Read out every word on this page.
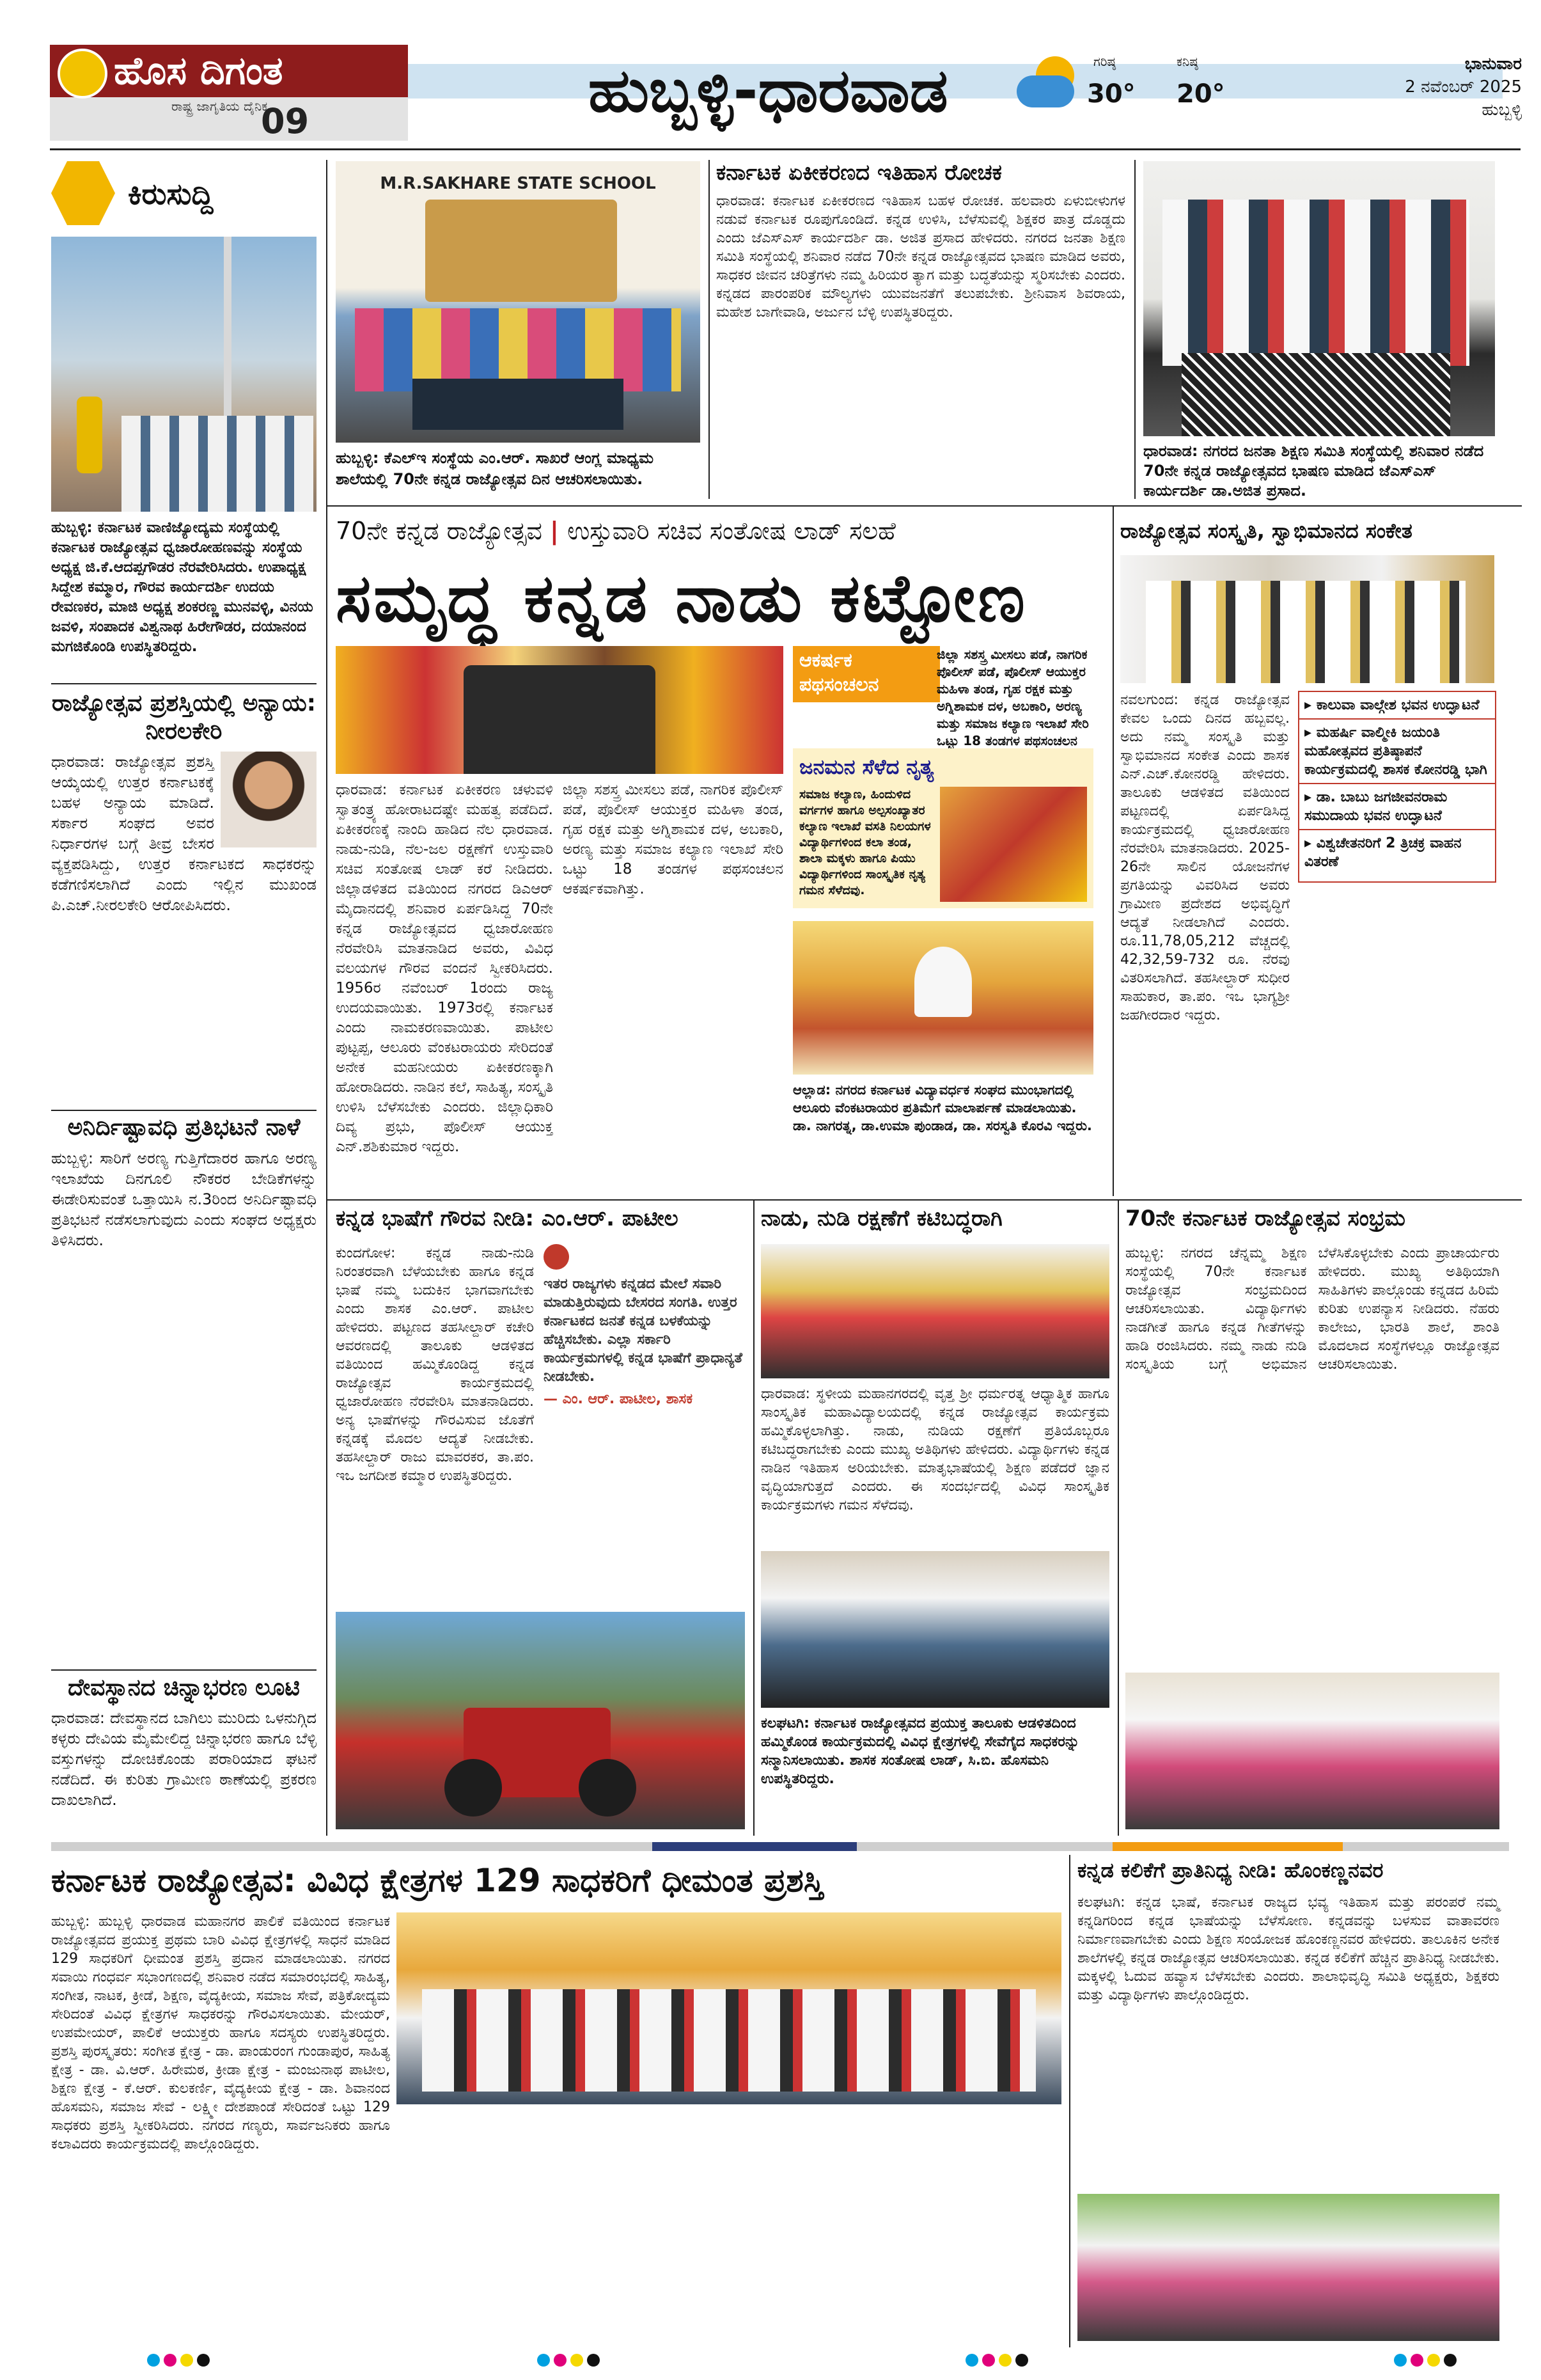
ಹೊಸ ದಿಗಂತ
ರಾಷ್ಟ್ರ ಜಾಗೃತಿಯ ದೈನಿಕ
09	ಹುಬ್ಬಳ್ಳಿ-ಧಾರವಾಡ	ಗರಿಷ್ಠ
30°
ಕನಿಷ್ಠ
20°
ಭಾನುವಾರ
2 ನವೆಂಬರ್ 2025
ಹುಬ್ಬಳ್ಳಿ
ಕಿರುಸುದ್ದಿ
ಹುಬ್ಬಳ್ಳಿ: ಕರ್ನಾಟಕ ವಾಣಿಜ್ಯೋದ್ಯಮ ಸಂಸ್ಥೆಯಲ್ಲಿ ಕರ್ನಾಟಕ ರಾಜ್ಯೋತ್ಸವ ಧ್ವಜಾರೋಹಣವನ್ನು ಸಂಸ್ಥೆಯ ಅಧ್ಯಕ್ಷ ಜಿ.ಕೆ.ಆದಪ್ಪಗೌಡರ ನೆರವೇರಿಸಿದರು. ಉಪಾಧ್ಯಕ್ಷ ಸಿದ್ದೇಶ ಕಮ್ಮಾರ, ಗೌರವ ಕಾರ್ಯದರ್ಶಿ ಉದಯ ರೇವಣಕರ, ಮಾಜಿ ಅಧ್ಯಕ್ಷ ಶಂಕರಣ್ಣ ಮುನವಳ್ಳಿ, ವಿನಯ ಜವಳಿ, ಸಂಪಾದಕ ವಿಶ್ವನಾಥ ಹಿರೇಗೌಡರ, ದಯಾನಂದ ಮಗಜಿಕೊಂಡಿ ಉಪಸ್ಥಿತರಿದ್ದರು.
ರಾಜ್ಯೋತ್ಸವ ಪ್ರಶಸ್ತಿಯಲ್ಲಿ ಅನ್ಯಾಯ: ನೀರಲಕೇರಿ
ಧಾರವಾಡ: ರಾಜ್ಯೋತ್ಸವ ಪ್ರಶಸ್ತಿ ಆಯ್ಕೆಯಲ್ಲಿ ಉತ್ತರ ಕರ್ನಾಟಕಕ್ಕೆ ಬಹಳ ಅನ್ಯಾಯ ಮಾಡಿದೆ. ಸರ್ಕಾರ ಸಂಘದ ಅವರ ನಿರ್ಧಾರಗಳ ಬಗ್ಗೆ ತೀವ್ರ ಬೇಸರ ವ್ಯಕ್ತಪಡಿಸಿದ್ದು, ಉತ್ತರ ಕರ್ನಾಟಕದ ಸಾಧಕರನ್ನು ಕಡೆಗಣಿಸಲಾಗಿದೆ ಎಂದು ಇಲ್ಲಿನ ಮುಖಂಡ ಪಿ.ಎಚ್.ನೀರಲಕೇರಿ ಆರೋಪಿಸಿದರು.
ಅನಿರ್ದಿಷ್ಟಾವಧಿ ಪ್ರತಿಭಟನೆ ನಾಳೆ
ಹುಬ್ಬಳ್ಳಿ: ಸಾರಿಗೆ ಅರಣ್ಯ ಗುತ್ತಿಗೆದಾರರ ಹಾಗೂ ಅರಣ್ಯ ಇಲಾಖೆಯ ದಿನಗೂಲಿ ನೌಕರರ ಬೇಡಿಕೆಗಳನ್ನು ಈಡೇರಿಸುವಂತೆ ಒತ್ತಾಯಿಸಿ ನ.3ರಿಂದ ಅನಿರ್ದಿಷ್ಟಾವಧಿ ಪ್ರತಿಭಟನೆ ನಡೆಸಲಾಗುವುದು ಎಂದು ಸಂಘದ ಅಧ್ಯಕ್ಷರು ತಿಳಿಸಿದರು.
ದೇವಸ್ಥಾನದ ಚಿನ್ನಾಭರಣ ಲೂಟಿ
ಧಾರವಾಡ: ದೇವಸ್ಥಾನದ ಬಾಗಿಲು ಮುರಿದು ಒಳನುಗ್ಗಿದ ಕಳ್ಳರು ದೇವಿಯ ಮೈಮೇಲಿದ್ದ ಚಿನ್ನಾಭರಣ ಹಾಗೂ ಬೆಳ್ಳಿ ವಸ್ತುಗಳನ್ನು ದೋಚಿಕೊಂಡು ಪರಾರಿಯಾದ ಘಟನೆ ನಡೆದಿದೆ. ಈ ಕುರಿತು ಗ್ರಾಮೀಣ ಠಾಣೆಯಲ್ಲಿ ಪ್ರಕರಣ ದಾಖಲಾಗಿದೆ.
M.R.SAKHARE STATE SCHOOL
ಹುಬ್ಬಳ್ಳಿ: ಕೆಎಲ್ಇ ಸಂಸ್ಥೆಯ ಎಂ.ಆರ್. ಸಾಖರೆ ಆಂಗ್ಲ ಮಾಧ್ಯಮ ಶಾಲೆಯಲ್ಲಿ 70ನೇ ಕನ್ನಡ ರಾಜ್ಯೋತ್ಸವ ದಿನ ಆಚರಿಸಲಾಯಿತು.
ಕರ್ನಾಟಕ ಏಕೀಕರಣದ ಇತಿಹಾಸ ರೋಚಕ
ಧಾರವಾಡ: ಕರ್ನಾಟಕ ಏಕೀಕರಣದ ಇತಿಹಾಸ ಬಹಳ ರೋಚಕ. ಹಲವಾರು ಏಳುಬೀಳುಗಳ ನಡುವೆ ಕರ್ನಾಟಕ ರೂಪುಗೊಂಡಿದೆ. ಕನ್ನಡ ಉಳಿಸಿ, ಬೆಳೆಸುವಲ್ಲಿ ಶಿಕ್ಷಕರ ಪಾತ್ರ ದೊಡ್ಡದು ಎಂದು ಜೆಎಸ್ಎಸ್ ಕಾರ್ಯದರ್ಶಿ ಡಾ. ಅಜಿತ ಪ್ರಸಾದ ಹೇಳಿದರು. ನಗರದ ಜನತಾ ಶಿಕ್ಷಣ ಸಮಿತಿ ಸಂಸ್ಥೆಯಲ್ಲಿ ಶನಿವಾರ ನಡೆದ 70ನೇ ಕನ್ನಡ ರಾಜ್ಯೋತ್ಸವದ ಭಾಷಣ ಮಾಡಿದ ಅವರು, ಸಾಧಕರ ಜೀವನ ಚರಿತ್ರೆಗಳು ನಮ್ಮ ಹಿರಿಯರ ತ್ಯಾಗ ಮತ್ತು ಬದ್ಧತೆಯನ್ನು ಸ್ಮರಿಸಬೇಕು ಎಂದರು. ಕನ್ನಡದ ಪಾರಂಪರಿಕ ಮೌಲ್ಯಗಳು ಯುವಜನತೆಗೆ ತಲುಪಬೇಕು. ಶ್ರೀನಿವಾಸ ಶಿವರಾಯ, ಮಹೇಶ ಬಾಗೇವಾಡಿ, ಅರ್ಜುನ ಬೆಳ್ಳಿ ಉಪಸ್ಥಿತರಿದ್ದರು.
ಧಾರವಾಡ: ನಗರದ ಜನತಾ ಶಿಕ್ಷಣ ಸಮಿತಿ ಸಂಸ್ಥೆಯಲ್ಲಿ ಶನಿವಾರ ನಡೆದ 70ನೇ ಕನ್ನಡ ರಾಜ್ಯೋತ್ಸವದ ಭಾಷಣ ಮಾಡಿದ ಜೆಎಸ್ಎಸ್ ಕಾರ್ಯದರ್ಶಿ ಡಾ.ಅಜಿತ ಪ್ರಸಾದ.
70ನೇ ಕನ್ನಡ ರಾಜ್ಯೋತ್ಸವ | ಉಸ್ತುವಾರಿ ಸಚಿವ ಸಂತೋಷ ಲಾಡ್ ಸಲಹೆ
ಸಮೃದ್ಧ ಕನ್ನಡ ನಾಡು ಕಟ್ಟೋಣ
ಧಾರವಾಡ: ಕರ್ನಾಟಕ ಏಕೀಕರಣ ಚಳುವಳಿ ಸ್ವಾತಂತ್ರ್ಯ ಹೋರಾಟದಷ್ಟೇ ಮಹತ್ವ ಪಡೆದಿದೆ. ಏಕೀಕರಣಕ್ಕೆ ನಾಂದಿ ಹಾಡಿದ ನೆಲ ಧಾರವಾಡ. ನಾಡು-ನುಡಿ, ನೆಲ-ಜಲ ರಕ್ಷಣೆಗೆ ಉಸ್ತುವಾರಿ ಸಚಿವ ಸಂತೋಷ ಲಾಡ್ ಕರೆ ನೀಡಿದರು. ಜಿಲ್ಲಾಡಳಿತದ ವತಿಯಿಂದ ನಗರದ ಡಿಎಆರ್ ಮೈದಾನದಲ್ಲಿ ಶನಿವಾರ ಏರ್ಪಡಿಸಿದ್ದ 70ನೇ ಕನ್ನಡ ರಾಜ್ಯೋತ್ಸವದ ಧ್ವಜಾರೋಹಣ ನೆರವೇರಿಸಿ ಮಾತನಾಡಿದ ಅವರು, ವಿವಿಧ ವಲಯಗಳ ಗೌರವ ವಂದನೆ ಸ್ವೀಕರಿಸಿದರು. 1956ರ ನವೆಂಬರ್ 1ರಂದು ರಾಜ್ಯ ಉದಯವಾಯಿತು. 1973ರಲ್ಲಿ ಕರ್ನಾಟಕ ಎಂದು ನಾಮಕರಣವಾಯಿತು. ಪಾಟೀಲ ಪುಟ್ಟಪ್ಪ, ಆಲೂರು ವೆಂಕಟರಾಯರು ಸೇರಿದಂತೆ ಅನೇಕ ಮಹನೀಯರು ಏಕೀಕರಣಕ್ಕಾಗಿ ಹೋರಾಡಿದರು. ನಾಡಿನ ಕಲೆ, ಸಾಹಿತ್ಯ, ಸಂಸ್ಕೃತಿ ಉಳಿಸಿ ಬೆಳೆಸಬೇಕು ಎಂದರು. ಜಿಲ್ಲಾಧಿಕಾರಿ ದಿವ್ಯ ಪ್ರಭು, ಪೊಲೀಸ್ ಆಯುಕ್ತ ಎನ್.ಶಶಿಕುಮಾರ ಇದ್ದರು.
ಜಿಲ್ಲಾ ಸಶಸ್ತ್ರ ಮೀಸಲು ಪಡೆ, ನಾಗರಿಕ ಪೊಲೀಸ್ ಪಡೆ, ಪೊಲೀಸ್ ಆಯುಕ್ತರ ಮಹಿಳಾ ತಂಡ, ಗೃಹ ರಕ್ಷಕ ಮತ್ತು ಅಗ್ನಿಶಾಮಕ ದಳ, ಅಬಕಾರಿ, ಅರಣ್ಯ ಮತ್ತು ಸಮಾಜ ಕಲ್ಯಾಣ ಇಲಾಖೆ ಸೇರಿ ಒಟ್ಟು 18 ತಂಡಗಳ ಪಥಸಂಚಲನ ಆಕರ್ಷಕವಾಗಿತ್ತು.
ಆಕರ್ಷಕ ಪಥಸಂಚಲನ
ಜಿಲ್ಲಾ ಸಶಸ್ತ್ರ ಮೀಸಲು ಪಡೆ, ನಾಗರಿಕ ಪೊಲೀಸ್ ಪಡೆ, ಪೊಲೀಸ್ ಆಯುಕ್ತರ ಮಹಿಳಾ ತಂಡ, ಗೃಹ ರಕ್ಷಕ ಮತ್ತು ಅಗ್ನಿಶಾಮಕ ದಳ, ಅಬಕಾರಿ, ಅರಣ್ಯ ಮತ್ತು ಸಮಾಜ ಕಲ್ಯಾಣ ಇಲಾಖೆ ಸೇರಿ ಒಟ್ಟು 18 ತಂಡಗಳ ಪಥಸಂಚಲನ
ಜನಮನ ಸೆಳೆದ ನೃತ್ಯ
ಸಮಾಜ ಕಲ್ಯಾಣ, ಹಿಂದುಳಿದ ವರ್ಗಗಳ ಹಾಗೂ ಅಲ್ಪಸಂಖ್ಯಾತರ ಕಲ್ಯಾಣ ಇಲಾಖೆ ವಸತಿ ನಿಲಯಗಳ ವಿದ್ಯಾರ್ಥಿಗಳಿಂದ ಕಲಾ ತಂಡ, ಶಾಲಾ ಮಕ್ಕಳು ಹಾಗೂ ಪಿಯು ವಿದ್ಯಾರ್ಥಿಗಳಿಂದ ಸಾಂಸ್ಕೃತಿಕ ನೃತ್ಯ ಗಮನ ಸೆಳೆದವು.
ಆಲ್ಲಾಡ: ನಗರದ ಕರ್ನಾಟಕ ವಿದ್ಯಾವರ್ಧಕ ಸಂಘದ ಮುಂಭಾಗದಲ್ಲಿ ಆಲೂರು ವೆಂಕಟರಾಯರ ಪ್ರತಿಮೆಗೆ ಮಾಲಾರ್ಪಣೆ ಮಾಡಲಾಯಿತು. ಡಾ. ನಾಗರತ್ನ, ಡಾ.ಉಮಾ ಪುಂಡಾಡ, ಡಾ. ಸರಸ್ವತಿ ಕೊರವಿ ಇದ್ದರು.
ರಾಜ್ಯೋತ್ಸವ ಸಂಸ್ಕೃತಿ, ಸ್ವಾಭಿಮಾನದ ಸಂಕೇತ
ನವಲಗುಂದ: ಕನ್ನಡ ರಾಜ್ಯೋತ್ಸವ ಕೇವಲ ಒಂದು ದಿನದ ಹಬ್ಬವಲ್ಲ. ಅದು ನಮ್ಮ ಸಂಸ್ಕೃತಿ ಮತ್ತು ಸ್ವಾಭಿಮಾನದ ಸಂಕೇತ ಎಂದು ಶಾಸಕ ಎನ್.ಎಚ್.ಕೋನರಡ್ಡಿ ಹೇಳಿದರು. ತಾಲೂಕು ಆಡಳಿತದ ವತಿಯಿಂದ ಪಟ್ಟಣದಲ್ಲಿ ಏರ್ಪಡಿಸಿದ್ದ ಕಾರ್ಯಕ್ರಮದಲ್ಲಿ ಧ್ವಜಾರೋಹಣ ನೆರವೇರಿಸಿ ಮಾತನಾಡಿದರು. 2025-26ನೇ ಸಾಲಿನ ಯೋಜನೆಗಳ ಪ್ರಗತಿಯನ್ನು ವಿವರಿಸಿದ ಅವರು ಗ್ರಾಮೀಣ ಪ್ರದೇಶದ ಅಭಿವೃದ್ಧಿಗೆ ಆದ್ಯತೆ ನೀಡಲಾಗಿದೆ ಎಂದರು. ರೂ.11,78,05,212 ವೆಚ್ಚದಲ್ಲಿ 42,32,59-732 ರೂ. ನೆರವು ವಿತರಿಸಲಾಗಿದೆ. ತಹಸೀಲ್ದಾರ್ ಸುಧೀರ ಸಾಹುಕಾರ, ತಾ.ಪಂ. ಇಒ ಭಾಗ್ಯಶ್ರೀ ಜಹಗೀರದಾರ ಇದ್ದರು.
▸ ಕಾಲುವಾ ವಾಲ್ಗೇಶ ಭವನ ಉದ್ಘಾಟನೆ
▸ ಮಹರ್ಷಿ ವಾಲ್ಮೀಕಿ ಜಯಂತಿ ಮಹೋತ್ಸವದ ಪ್ರತಿಷ್ಠಾಪನೆ ಕಾರ್ಯಕ್ರಮದಲ್ಲಿ ಶಾಸಕ ಕೋನರಡ್ಡಿ ಭಾಗಿ
▸ ಡಾ. ಬಾಬು ಜಗಜೀವನರಾಮ ಸಮುದಾಯ ಭವನ ಉದ್ಘಾಟನೆ
▸ ವಿಶ್ವಚೇತನರಿಗೆ 2 ತ್ರಿಚಕ್ರ ವಾಹನ ವಿತರಣೆ
ಕನ್ನಡ ಭಾಷೆಗೆ ಗೌರವ ನೀಡಿ: ಎಂ.ಆರ್. ಪಾಟೀಲ
ಕುಂದಗೋಳ: ಕನ್ನಡ ನಾಡು-ನುಡಿ ನಿರಂತರವಾಗಿ ಬೆಳೆಯಬೇಕು ಹಾಗೂ ಕನ್ನಡ ಭಾಷೆ ನಮ್ಮ ಬದುಕಿನ ಭಾಗವಾಗಬೇಕು ಎಂದು ಶಾಸಕ ಎಂ.ಆರ್. ಪಾಟೀಲ ಹೇಳಿದರು. ಪಟ್ಟಣದ ತಹಸೀಲ್ದಾರ್ ಕಚೇರಿ ಆವರಣದಲ್ಲಿ ತಾಲೂಕು ಆಡಳಿತದ ವತಿಯಿಂದ ಹಮ್ಮಿಕೊಂಡಿದ್ದ ಕನ್ನಡ ರಾಜ್ಯೋತ್ಸವ ಕಾರ್ಯಕ್ರಮದಲ್ಲಿ ಧ್ವಜಾರೋಹಣ ನೆರವೇರಿಸಿ ಮಾತನಾಡಿದರು. ಅನ್ಯ ಭಾಷೆಗಳನ್ನು ಗೌರವಿಸುವ ಜೊತೆಗೆ ಕನ್ನಡಕ್ಕೆ ಮೊದಲ ಆದ್ಯತೆ ನೀಡಬೇಕು. ತಹಸೀಲ್ದಾರ್ ರಾಜು ಮಾವರಕರ, ತಾ.ಪಂ. ಇಒ ಜಗದೀಶ ಕಮ್ಮಾರ ಉಪಸ್ಥಿತರಿದ್ದರು.
ಇತರ ರಾಜ್ಯಗಳು ಕನ್ನಡದ ಮೇಲೆ ಸವಾರಿ ಮಾಡುತ್ತಿರುವುದು ಬೇಸರದ ಸಂಗತಿ. ಉತ್ತರ ಕರ್ನಾಟಕದ ಜನತೆ ಕನ್ನಡ ಬಳಕೆಯನ್ನು ಹೆಚ್ಚಿಸಬೇಕು. ಎಲ್ಲಾ ಸರ್ಕಾರಿ ಕಾರ್ಯಕ್ರಮಗಳಲ್ಲಿ ಕನ್ನಡ ಭಾಷೆಗೆ ಪ್ರಾಧಾನ್ಯತೆ ನೀಡಬೇಕು.
— ಎಂ. ಆರ್. ಪಾಟೀಲ, ಶಾಸಕ
ನಾಡು, ನುಡಿ ರಕ್ಷಣೆಗೆ ಕಟಿಬದ್ಧರಾಗಿ
ಧಾರವಾಡ: ಸ್ಥಳೀಯ ಮಹಾನಗರದಲ್ಲಿ ವೃತ್ತ ಶ್ರೀ ಧರ್ಮರತ್ನ ಆಧ್ಯಾತ್ಮಿಕ ಹಾಗೂ ಸಾಂಸ್ಕೃತಿಕ ಮಹಾವಿದ್ಯಾಲಯದಲ್ಲಿ ಕನ್ನಡ ರಾಜ್ಯೋತ್ಸವ ಕಾರ್ಯಕ್ರಮ ಹಮ್ಮಿಕೊಳ್ಳಲಾಗಿತ್ತು. ನಾಡು, ನುಡಿಯ ರಕ್ಷಣೆಗೆ ಪ್ರತಿಯೊಬ್ಬರೂ ಕಟಿಬದ್ಧರಾಗಬೇಕು ಎಂದು ಮುಖ್ಯ ಅತಿಥಿಗಳು ಹೇಳಿದರು. ವಿದ್ಯಾರ್ಥಿಗಳು ಕನ್ನಡ ನಾಡಿನ ಇತಿಹಾಸ ಅರಿಯಬೇಕು. ಮಾತೃಭಾಷೆಯಲ್ಲಿ ಶಿಕ್ಷಣ ಪಡೆದರೆ ಜ್ಞಾನ ವೃದ್ಧಿಯಾಗುತ್ತದೆ ಎಂದರು. ಈ ಸಂದರ್ಭದಲ್ಲಿ ವಿವಿಧ ಸಾಂಸ್ಕೃತಿಕ ಕಾರ್ಯಕ್ರಮಗಳು ಗಮನ ಸೆಳೆದವು.
ಕಲಘಟಗಿ: ಕರ್ನಾಟಕ ರಾಜ್ಯೋತ್ಸವದ ಪ್ರಯುಕ್ತ ತಾಲೂಕು ಆಡಳಿತದಿಂದ ಹಮ್ಮಿಕೊಂಡ ಕಾರ್ಯಕ್ರಮದಲ್ಲಿ ವಿವಿಧ ಕ್ಷೇತ್ರಗಳಲ್ಲಿ ಸೇವೆಗೈದ ಸಾಧಕರನ್ನು ಸನ್ಮಾನಿಸಲಾಯಿತು. ಶಾಸಕ ಸಂತೋಷ ಲಾಡ್, ಸಿ.ಬಿ. ಹೊಸಮನಿ ಉಪಸ್ಥಿತರಿದ್ದರು.
70ನೇ ಕರ್ನಾಟಕ ರಾಜ್ಯೋತ್ಸವ ಸಂಭ್ರಮ
ಹುಬ್ಬಳ್ಳಿ: ನಗರದ ಚೆನ್ನಮ್ಮ ಶಿಕ್ಷಣ ಸಂಸ್ಥೆಯಲ್ಲಿ 70ನೇ ಕರ್ನಾಟಕ ರಾಜ್ಯೋತ್ಸವ ಸಂಭ್ರಮದಿಂದ ಆಚರಿಸಲಾಯಿತು. ವಿದ್ಯಾರ್ಥಿಗಳು ನಾಡಗೀತೆ ಹಾಗೂ ಕನ್ನಡ ಗೀತೆಗಳನ್ನು ಹಾಡಿ ರಂಜಿಸಿದರು. ನಮ್ಮ ನಾಡು ನುಡಿ ಸಂಸ್ಕೃತಿಯ ಬಗ್ಗೆ ಅಭಿಮಾನ ಬೆಳೆಸಿಕೊಳ್ಳಬೇಕು ಎಂದು ಪ್ರಾಚಾರ್ಯರು ಹೇಳಿದರು. ಮುಖ್ಯ ಅತಿಥಿಯಾಗಿ ಸಾಹಿತಿಗಳು ಪಾಲ್ಗೊಂಡು ಕನ್ನಡದ ಹಿರಿಮೆ ಕುರಿತು ಉಪನ್ಯಾಸ ನೀಡಿದರು. ನೆಹರು ಕಾಲೇಜು, ಭಾರತಿ ಶಾಲೆ, ಶಾಂತಿ ಮೊದಲಾದ ಸಂಸ್ಥೆಗಳಲ್ಲೂ ರಾಜ್ಯೋತ್ಸವ ಆಚರಿಸಲಾಯಿತು.
ಕರ್ನಾಟಕ ರಾಜ್ಯೋತ್ಸವ: ವಿವಿಧ ಕ್ಷೇತ್ರಗಳ 129 ಸಾಧಕರಿಗೆ ಧೀಮಂತ ಪ್ರಶಸ್ತಿ
ಹುಬ್ಬಳ್ಳಿ: ಹುಬ್ಬಳ್ಳಿ ಧಾರವಾಡ ಮಹಾನಗರ ಪಾಲಿಕೆ ವತಿಯಿಂದ ಕರ್ನಾಟಕ ರಾಜ್ಯೋತ್ಸವದ ಪ್ರಯುಕ್ತ ಪ್ರಥಮ ಬಾರಿ ವಿವಿಧ ಕ್ಷೇತ್ರಗಳಲ್ಲಿ ಸಾಧನೆ ಮಾಡಿದ 129 ಸಾಧಕರಿಗೆ ಧೀಮಂತ ಪ್ರಶಸ್ತಿ ಪ್ರದಾನ ಮಾಡಲಾಯಿತು. ನಗರದ ಸವಾಯಿ ಗಂಧರ್ವ ಸಭಾಂಗಣದಲ್ಲಿ ಶನಿವಾರ ನಡೆದ ಸಮಾರಂಭದಲ್ಲಿ ಸಾಹಿತ್ಯ, ಸಂಗೀತ, ನಾಟಕ, ಕ್ರೀಡೆ, ಶಿಕ್ಷಣ, ವೈದ್ಯಕೀಯ, ಸಮಾಜ ಸೇವೆ, ಪತ್ರಿಕೋದ್ಯಮ ಸೇರಿದಂತೆ ವಿವಿಧ ಕ್ಷೇತ್ರಗಳ ಸಾಧಕರನ್ನು ಗೌರವಿಸಲಾಯಿತು. ಮೇಯರ್, ಉಪಮೇಯರ್, ಪಾಲಿಕೆ ಆಯುಕ್ತರು ಹಾಗೂ ಸದಸ್ಯರು ಉಪಸ್ಥಿತರಿದ್ದರು. ಪ್ರಶಸ್ತಿ ಪುರಸ್ಕೃತರು: ಸಂಗೀತ ಕ್ಷೇತ್ರ - ಡಾ. ಪಾಂಡುರಂಗ ಗುಂಡಾಪುರ, ಸಾಹಿತ್ಯ ಕ್ಷೇತ್ರ - ಡಾ. ವಿ.ಆರ್. ಹಿರೇಮಠ, ಕ್ರೀಡಾ ಕ್ಷೇತ್ರ - ಮಂಜುನಾಥ ಪಾಟೀಲ, ಶಿಕ್ಷಣ ಕ್ಷೇತ್ರ - ಕೆ.ಆರ್. ಕುಲಕರ್ಣಿ, ವೈದ್ಯಕೀಯ ಕ್ಷೇತ್ರ - ಡಾ. ಶಿವಾನಂದ ಹೊಸಮನಿ, ಸಮಾಜ ಸೇವೆ - ಲಕ್ಷ್ಮೀ ದೇಶಪಾಂಡೆ ಸೇರಿದಂತೆ ಒಟ್ಟು 129 ಸಾಧಕರು ಪ್ರಶಸ್ತಿ ಸ್ವೀಕರಿಸಿದರು. ನಗರದ ಗಣ್ಯರು, ಸಾರ್ವಜನಿಕರು ಹಾಗೂ ಕಲಾವಿದರು ಕಾರ್ಯಕ್ರಮದಲ್ಲಿ ಪಾಲ್ಗೊಂಡಿದ್ದರು.
ಕನ್ನಡ ಕಲಿಕೆಗೆ ಪ್ರಾತಿನಿಧ್ಯ ನೀಡಿ: ಹೊಂಕಣ್ಣನವರ
ಕಲಘಟಗಿ: ಕನ್ನಡ ಭಾಷೆ, ಕರ್ನಾಟಕ ರಾಜ್ಯದ ಭವ್ಯ ಇತಿಹಾಸ ಮತ್ತು ಪರಂಪರೆ ನಮ್ಮ ಕನ್ನಡಿಗರಿಂದ ಕನ್ನಡ ಭಾಷೆಯನ್ನು ಬೆಳೆಸೋಣ. ಕನ್ನಡವನ್ನು ಬಳಸುವ ವಾತಾವರಣ ನಿರ್ಮಾಣವಾಗಬೇಕು ಎಂದು ಶಿಕ್ಷಣ ಸಂಯೋಜಕ ಹೊಂಕಣ್ಣನವರ ಹೇಳಿದರು. ತಾಲೂಕಿನ ಅನೇಕ ಶಾಲೆಗಳಲ್ಲಿ ಕನ್ನಡ ರಾಜ್ಯೋತ್ಸವ ಆಚರಿಸಲಾಯಿತು. ಕನ್ನಡ ಕಲಿಕೆಗೆ ಹೆಚ್ಚಿನ ಪ್ರಾತಿನಿಧ್ಯ ನೀಡಬೇಕು. ಮಕ್ಕಳಲ್ಲಿ ಓದುವ ಹವ್ಯಾಸ ಬೆಳೆಸಬೇಕು ಎಂದರು. ಶಾಲಾಭಿವೃದ್ಧಿ ಸಮಿತಿ ಅಧ್ಯಕ್ಷರು, ಶಿಕ್ಷಕರು ಮತ್ತು ವಿದ್ಯಾರ್ಥಿಗಳು ಪಾಲ್ಗೊಂಡಿದ್ದರು.
